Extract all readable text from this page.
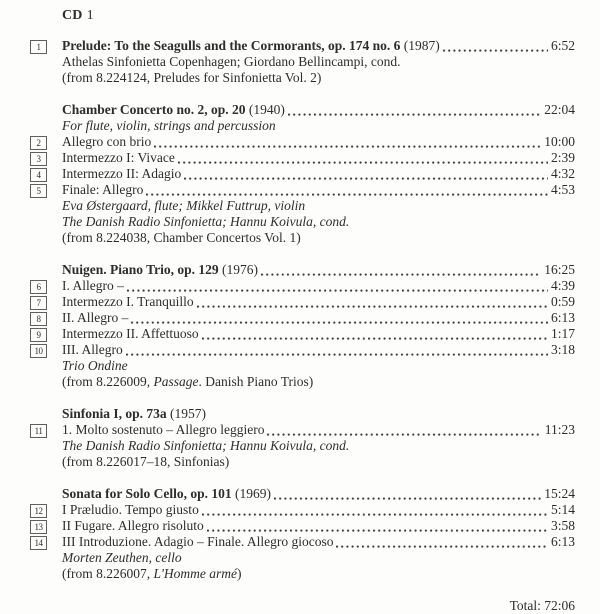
CD 1
1	Prelude: To the Seagulls and the Cormorants, op. 174 no. 6 (1987)	6:52
Athelas Sinfonietta Copenhagen; Giordano Bellincampi, cond.
(from 8.224124, Preludes for Sinfonietta Vol. 2)
Chamber Concerto no. 2, op. 20 (1940)	22:04
For flute, violin, strings and percussion
2	Allegro con brio	10:00
3	Intermezzo I: Vivace	2:39
4	Intermezzo II: Adagio	4:32
5	Finale: Allegro	4:53
Eva Østergaard, flute; Mikkel Futtrup, violin
The Danish Radio Sinfonietta; Hannu Koivula, cond.
(from 8.224038, Chamber Concertos Vol. 1)
Nuigen. Piano Trio, op. 129 (1976)	16:25
6	I. Allegro –	4:39
7	Intermezzo I. Tranquillo	0:59
8	II. Allegro –	6:13
9	Intermezzo II. Affettuoso	1:17
10	III. Allegro	3:18
Trio Ondine
(from 8.226009, Passage. Danish Piano Trios)
Sinfonia I, op. 73a (1957)
11	1. Molto sostenuto – Allegro leggiero	11:23
The Danish Radio Sinfonietta; Hannu Koivula, cond.
(from 8.226017–18, Sinfonias)
Sonata for Solo Cello, op. 101 (1969)	15:24
12	I Præludio. Tempo giusto	5:14
13	II Fugare. Allegro risoluto	3:58
14	III Introduzione. Adagio – Finale. Allegro giocoso	6:13
Morten Zeuthen, cello
(from 8.226007, L'Homme armé)
Total: 72:06
